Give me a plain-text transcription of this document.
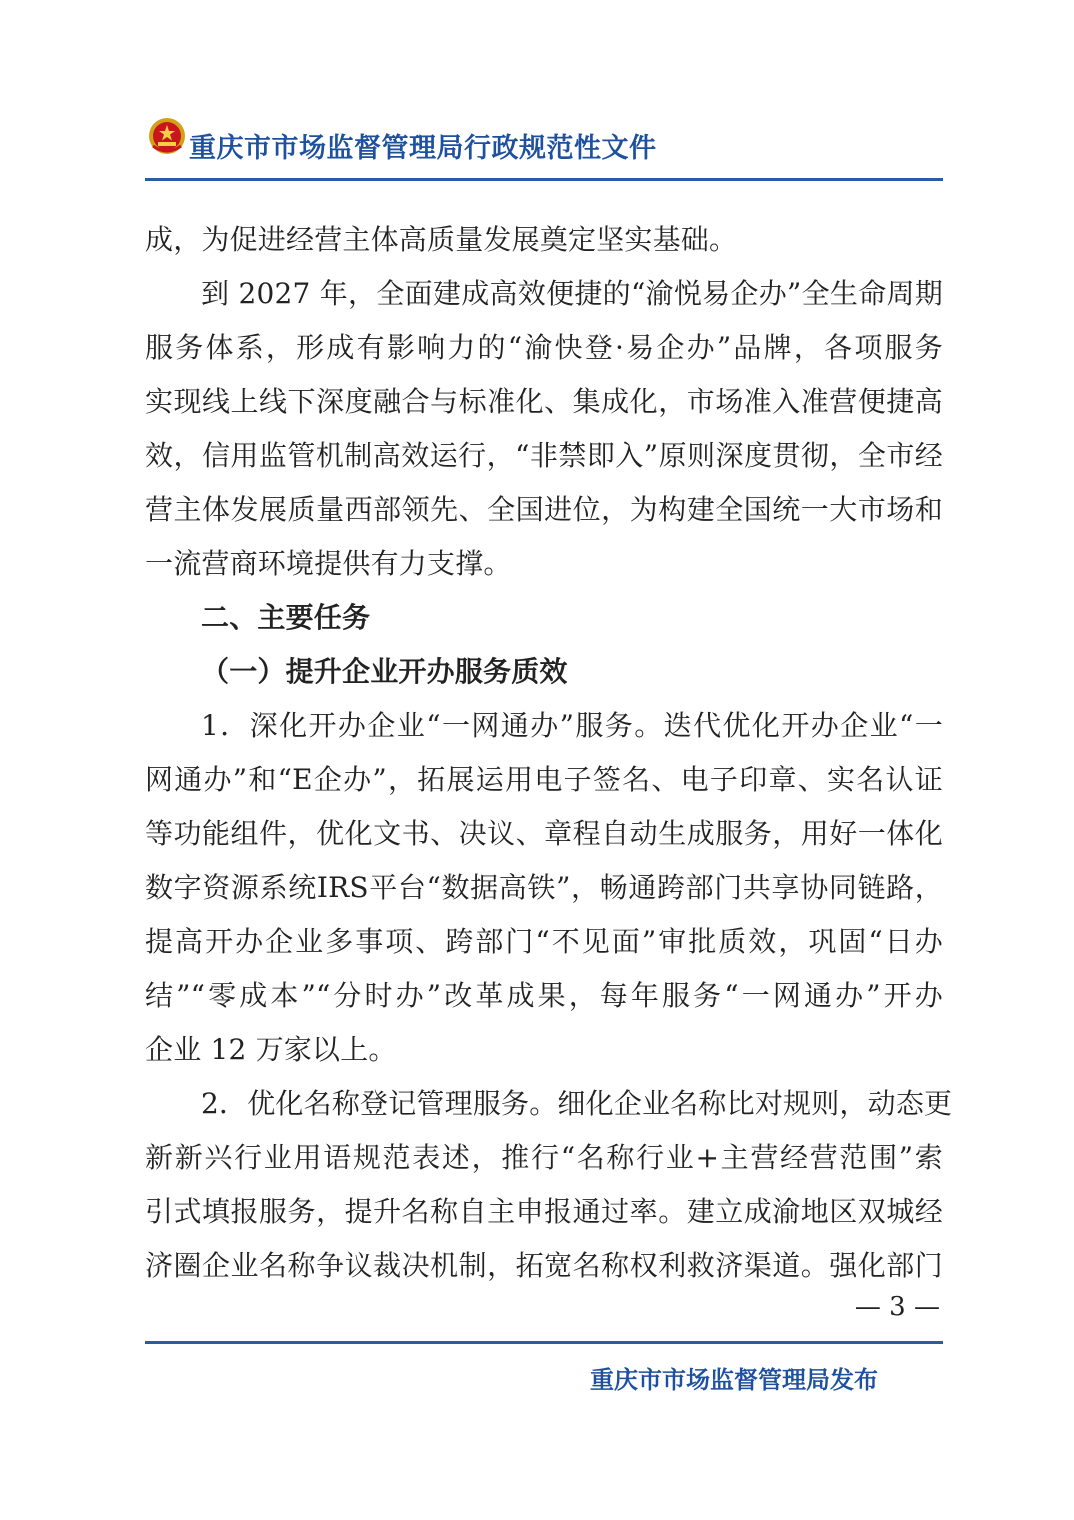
重庆市市场监督管理局行政规范性文件
成，为促进经营主体高质量发展奠定坚实基础。
到 2027 年，全面建成高效便捷的“渝悦易企办”全生命周期
服务体系，形成有影响力的“渝快登·易企办”品牌，各项服务
实现线上线下深度融合与标准化、集成化，市场准入准营便捷高
效，信用监管机制高效运行，“非禁即入”原则深度贯彻，全市经
营主体发展质量西部领先、全国进位，为构建全国统一大市场和
一流营商环境提供有力支撑。
二、主要任务
（一）提升企业开办服务质效
1．深化开办企业“一网通办”服务。迭代优化开办企业“一
网通办”和“E企办”，拓展运用电子签名、电子印章、实名认证
等功能组件，优化文书、决议、章程自动生成服务，用好一体化
数字资源系统IRS平台“数据高铁”，畅通跨部门共享协同链路，
提高开办企业多事项、跨部门“不见面”审批质效，巩固“日办
结”“零成本”“分时办”改革成果，每年服务“一网通办”开办
企业 12 万家以上。
2．优化名称登记管理服务。细化企业名称比对规则，动态更
新新兴行业用语规范表述，推行“名称行业+主营经营范围”索
引式填报服务，提升名称自主申报通过率。建立成渝地区双城经
济圈企业名称争议裁决机制，拓宽名称权利救济渠道。强化部门
— 3 —
重庆市市场监督管理局发布
